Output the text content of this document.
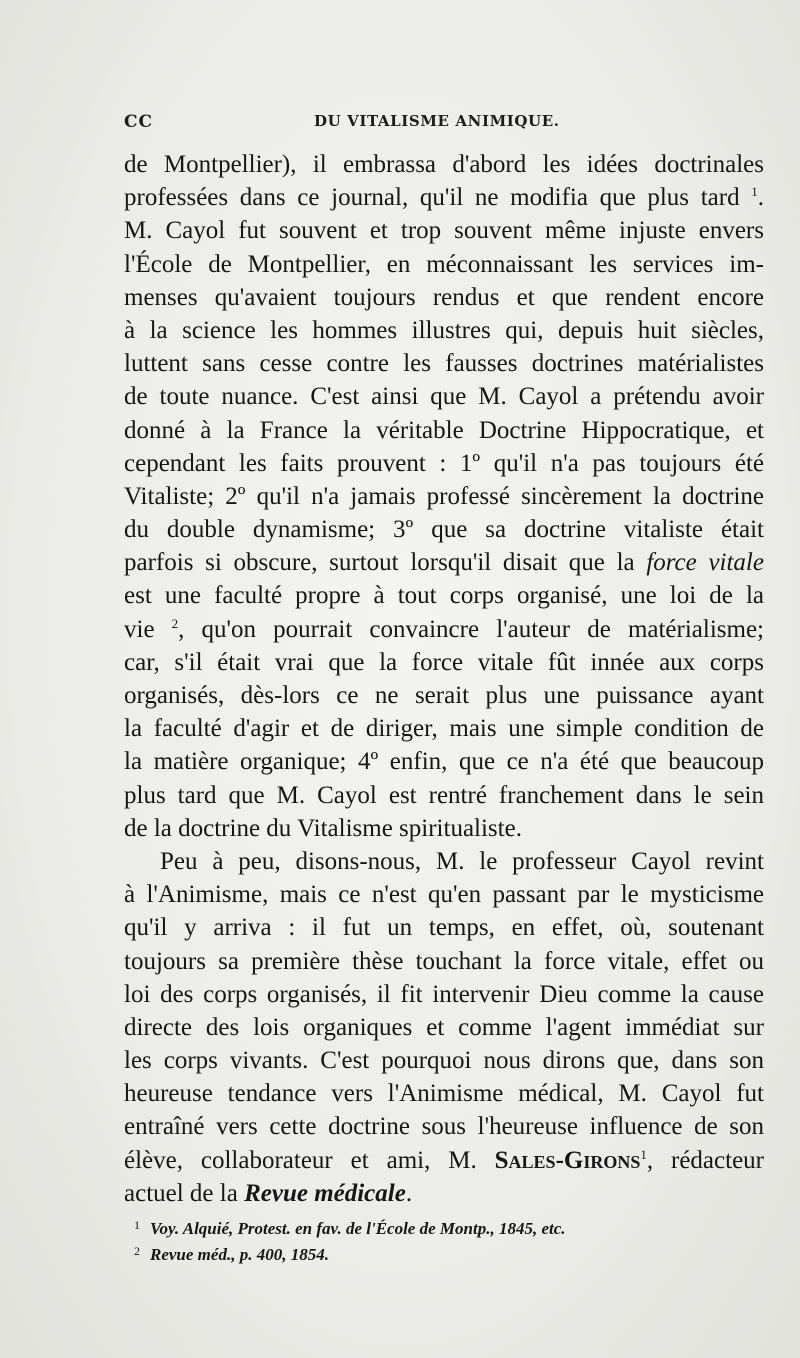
CC	DU VITALISME ANIMIQUE.
de Montpellier), il embrassa d'abord les idées doctrinales
professées dans ce journal, qu'il ne modifia que plus tard $^1$.
M. Cayol fut souvent et trop souvent même injuste envers
l'École de Montpellier, en méconnaissant les services im-
menses qu'avaient toujours rendus et que rendent encore
à la science les hommes illustres qui, depuis huit siècles,
luttent sans cesse contre les fausses doctrines matérialistes
de toute nuance. C'est ainsi que M. Cayol a prétendu avoir
donné à la France la véritable Doctrine Hippocratique, et
cependant les faits prouvent : 1º qu'il n'a pas toujours été
Vitaliste; 2º qu'il n'a jamais professé sincèrement la doctrine
du double dynamisme; 3º que sa doctrine vitaliste était
parfois si obscure, surtout lorsqu'il disait que la force vitale
est une faculté propre à tout corps organisé, une loi de la
vie $^2$, qu'on pourrait convaincre l'auteur de matérialisme;
car, s'il était vrai que la force vitale fût innée aux corps
organisés, dès-lors ce ne serait plus une puissance ayant
la faculté d'agir et de diriger, mais une simple condition de
la matière organique; 4º enfin, que ce n'a été que beaucoup
plus tard que M. Cayol est rentré franchement dans le sein
de la doctrine du Vitalisme spiritualiste.
Peu à peu, disons-nous, M. le professeur Cayol revint
à l'Animisme, mais ce n'est qu'en passant par le mysticisme
qu'il y arriva : il fut un temps, en effet, où, soutenant
toujours sa première thèse touchant la force vitale, effet ou
loi des corps organisés, il fit intervenir Dieu comme la cause
directe des lois organiques et comme l'agent immédiat sur
les corps vivants. C'est pourquoi nous dirons que, dans son
heureuse tendance vers l'Animisme médical, M. Cayol fut
entraîné vers cette doctrine sous l'heureuse influence de son
élève, collaborateur et ami, M. Sales-Girons$^1$, rédacteur
actuel de la Revue médicale.
$^1$ Voy. Alquié, Protest. en fav. de l'École de Montp., 1845, etc.
$^2$ Revue méd., p. 400, 1854.
